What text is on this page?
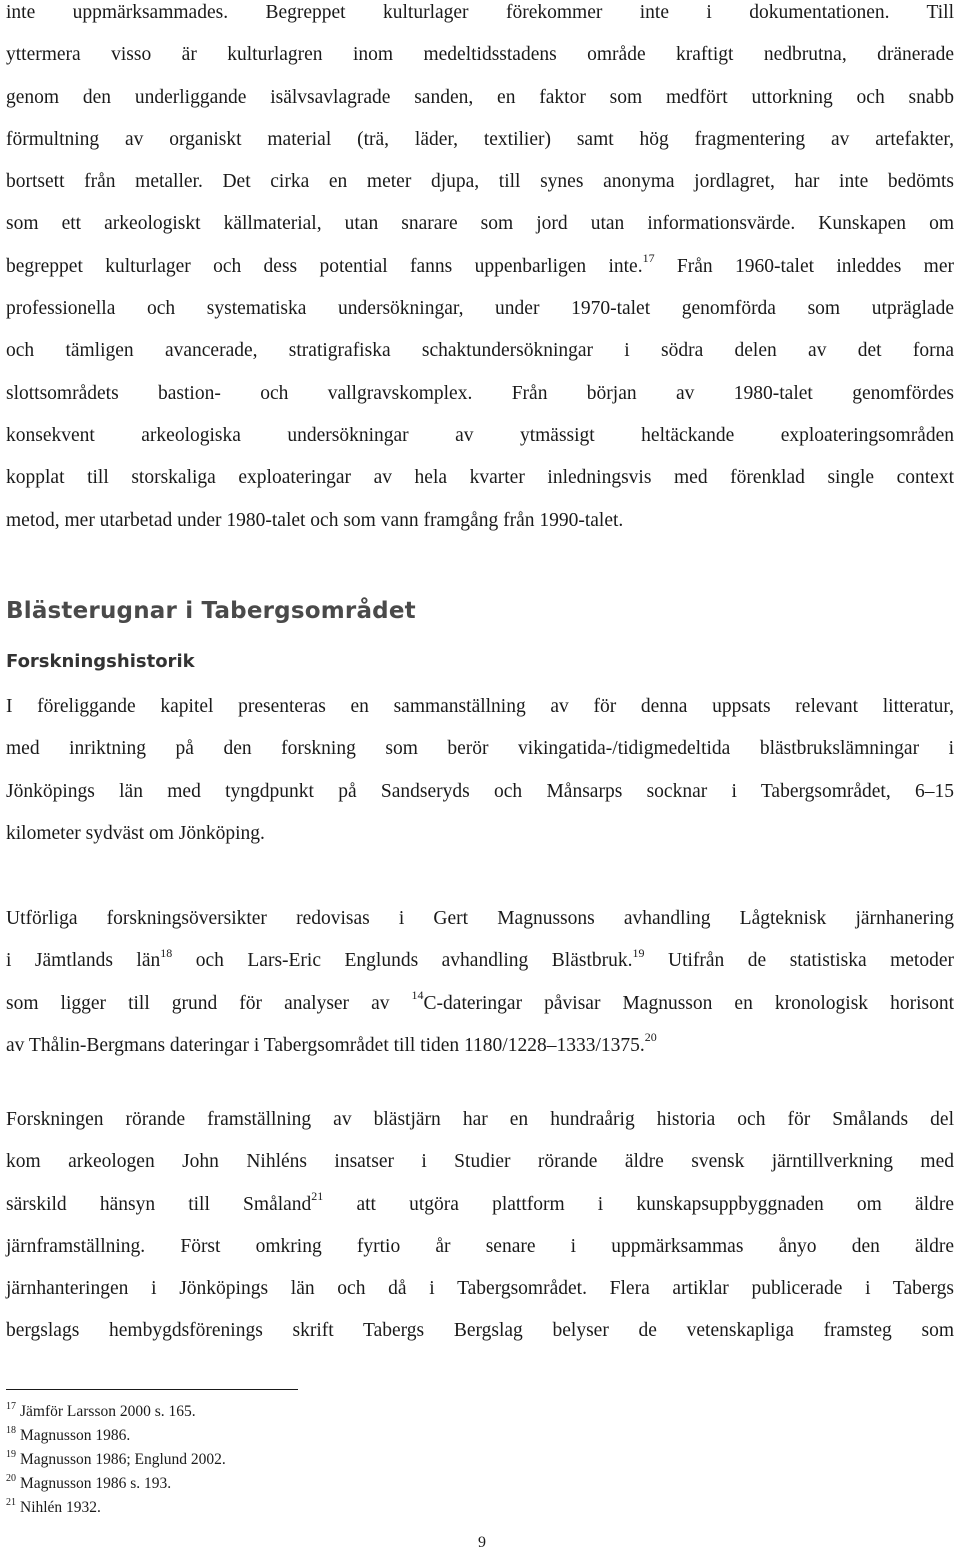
inte uppmärksammades. Begreppet kulturlager förekommer inte i dokumentationen. Till
yttermera visso är kulturlagren inom medeltidsstadens område kraftigt nedbrutna, dränerade
genom den underliggande isälvsavlagrade sanden, en faktor som medfört uttorkning och snabb
förmultning av organiskt material (trä, läder, textilier) samt hög fragmentering av artefakter,
bortsett från metaller. Det cirka en meter djupa, till synes anonyma jordlagret, har inte bedömts
som ett arkeologiskt källmaterial, utan snarare som jord utan informationsvärde. Kunskapen om
begreppet kulturlager och dess potential fanns uppenbarligen inte.$^{17}$ Från 1960-talet inleddes mer
professionella och systematiska undersökningar, under 1970-talet genomförda som utpräglade
och tämligen avancerade, stratigrafiska schaktundersökningar i södra delen av det forna
slottsområdets bastion- och vallgravskomplex. Från början av 1980-talet genomfördes
konsekvent arkeologiska undersökningar av ytmässigt heltäckande exploateringsområden
kopplat till storskaliga exploateringar av hela kvarter inledningsvis med förenklad single context
metod, mer utarbetad under 1980-talet och som vann framgång från 1990-talet.
Blästerugnar i Tabergsområdet
Forskningshistorik
I föreliggande kapitel presenteras en sammanställning av för denna uppsats relevant litteratur,
med inriktning på den forskning som berör vikingatida-/tidigmedeltida blästbrukslämningar i
Jönköpings län med tyngdpunkt på Sandseryds och Månsarps socknar i Tabergsområdet, 6–15
kilometer sydväst om Jönköping.
Utförliga forskningsöversikter redovisas i Gert Magnussons avhandling Lågteknisk järnhanering
i Jämtlands län$^{18}$ och Lars-Eric Englunds avhandling Blästbruk.$^{19}$ Utifrån de statistiska metoder
som ligger till grund för analyser av $^{14}$C-dateringar påvisar Magnusson en kronologisk horisont
av Thålin-Bergmans dateringar i Tabergsområdet till tiden 1180/1228–1333/1375.20
Forskningen rörande framställning av blästjärn har en hundraårig historia och för Smålands del
kom arkeologen John Nihléns insatser i Studier rörande äldre svensk järntillverkning med
särskild hänsyn till Småland$^{21}$ att utgöra plattform i kunskapsuppbyggnaden om äldre
järnframställning. Först omkring fyrtio år senare i uppmärksammas ånyo den äldre
järnhanteringen i Jönköpings län och då i Tabergsområdet. Flera artiklar publicerade i Tabergs
bergslags hembygdsförenings skrift Tabergs Bergslag belyser de vetenskapliga framsteg som
$^{17}$ Jämför Larsson 2000 s. 165.
$^{18}$ Magnusson 1986.
$^{19}$ Magnusson 1986; Englund 2002.
$^{20}$ Magnusson 1986 s. 193.
$^{21}$ Nihlén 1932.
9
